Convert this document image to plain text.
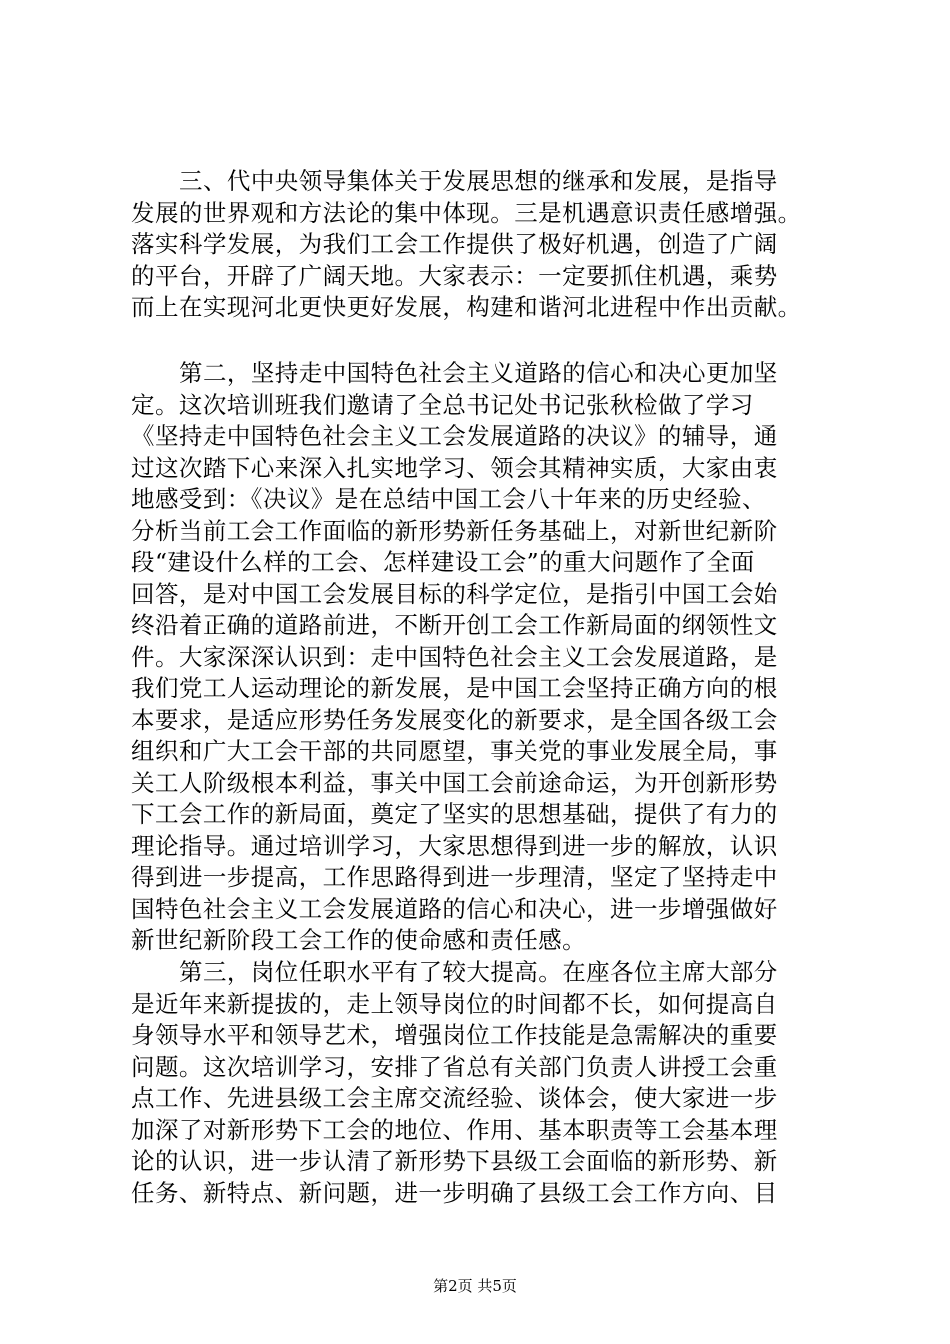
三、代中央领导集体关于发展思想的继承和发展，是指导
发展的世界观和方法论的集中体现。三是机遇意识责任感增强。
落实科学发展，为我们工会工作提供了极好机遇，创造了广阔
的平台，开辟了广阔天地。大家表示：一定要抓住机遇，乘势
而上在实现河北更快更好发展，构建和谐河北进程中作出贡献。
第二，坚持走中国特色社会主义道路的信心和决心更加坚
定。这次培训班我们邀请了全总书记处书记张秋检做了学习
《坚持走中国特色社会主义工会发展道路的决议》的辅导，通
过这次踏下心来深入扎实地学习、领会其精神实质，大家由衷
地感受到：《决议》是在总结中国工会八十年来的历史经验、
分析当前工会工作面临的新形势新任务基础上，对新世纪新阶
段“建设什么样的工会、怎样建设工会”的重大问题作了全面
回答，是对中国工会发展目标的科学定位，是指引中国工会始
终沿着正确的道路前进，不断开创工会工作新局面的纲领性文
件。大家深深认识到：走中国特色社会主义工会发展道路，是
我们党工人运动理论的新发展，是中国工会坚持正确方向的根
本要求，是适应形势任务发展变化的新要求，是全国各级工会
组织和广大工会干部的共同愿望，事关党的事业发展全局，事
关工人阶级根本利益，事关中国工会前途命运，为开创新形势
下工会工作的新局面，奠定了坚实的思想基础，提供了有力的
理论指导。通过培训学习，大家思想得到进一步的解放，认识
得到进一步提高，工作思路得到进一步理清，坚定了坚持走中
国特色社会主义工会发展道路的信心和决心，进一步增强做好
新世纪新阶段工会工作的使命感和责任感。
第三，岗位任职水平有了较大提高。在座各位主席大部分
是近年来新提拔的，走上领导岗位的时间都不长，如何提高自
身领导水平和领导艺术，增强岗位工作技能是急需解决的重要
问题。这次培训学习，安排了省总有关部门负责人讲授工会重
点工作、先进县级工会主席交流经验、谈体会，使大家进一步
加深了对新形势下工会的地位、作用、基本职责等工会基本理
论的认识，进一步认清了新形势下县级工会面临的新形势、新
任务、新特点、新问题，进一步明确了县级工会工作方向、目
第2页 共5页
